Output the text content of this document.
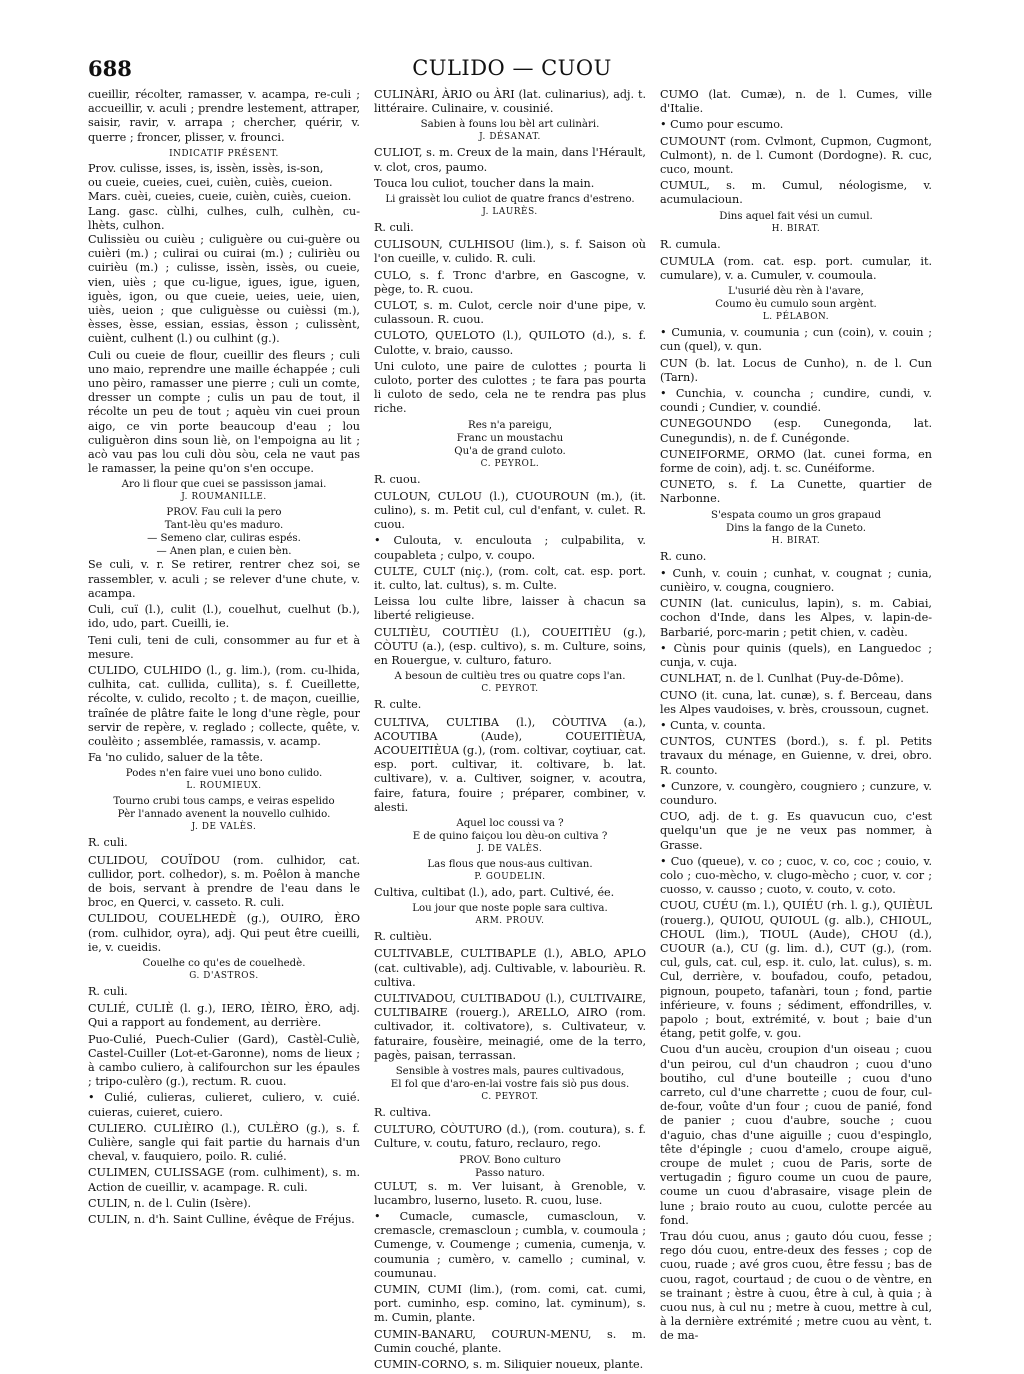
688	CULIDO — CUOU

cueillir, récolter, ramasser, v. acampa, re-culi ; accueillir, v. aculi ; prendre lestement, attraper, saisir, ravir, v. arrapa ; chercher, quérir, v. querre ; froncer, plisser, v. frounci.

INDICATIF PRÉSENT.

Prov. culisse, isses, is, issèn, issès, is-son,

ou cueie, cueies, cuei, cuièn, cuiès, cueion.

Mars. cuèi, cueies, cueie, cuièn, cuiès, cueion.

Lang. gasc. cùlhi, culhes, culh, culhèn, cu-lhèts, culhon.

Culissièu ou cuièu ; culiguère ou cui-guère ou cuièri (m.) ; culirai ou cuirai (m.) ; culirièu ou cuirièu (m.) ; culisse, issèn, issès, ou cueie, vien, uiès ; que cu-ligue, igues, igue, iguen, iguès, igon, ou que cueie, ueies, ueie, uien, uiès, ueion ; que culiguèsse ou cuièssi (m.), èsses, èsse, essian, essias, èsson ; culissènt, cuiènt, culhent (l.) ou culhint (g.).

Culi ou cueie de flour, cueillir des fleurs ; culi uno maio, reprendre une maille échappée ; culi uno pèiro, ramasser une pierre ; culi un comte, dresser un compte ; culis un pau de tout, il récolte un peu de tout ; aquèu vin cuei proun aigo, ce vin porte beaucoup d'eau ; lou culiguèron dins soun liè, on l'empoigna au lit ; acò vau pas lou culi dòu sòu, cela ne vaut pas le ramasser, la peine qu'on s'en occupe.

Aro li flour que cuei se passisson jamai.

J. ROUMANILLE.

PROV. Fau culi la pero

Tant-lèu qu'es maduro.

— Semeno clar, culiras espés.

— Anen plan, e cuien bèn.

Se culi, v. r. Se retirer, rentrer chez soi, se rassembler, v. aculi ; se relever d'une chute, v. acampa.

Culi, cuï (l.), culit (l.), couelhut, cuelhut (b.), ido, udo, part. Cueilli, ie.

Teni culi, teni de culi, consommer au fur et à mesure.

CULIDO, CULHIDO (l., g. lim.), (rom. cu-lhida, culhita, cat. cullida, cullita), s. f. Cueillette, récolte, v. culido, recolto ; t. de maçon, cueillie, traînée de plâtre faite le long d'une règle, pour servir de repère, v. reglado ; collecte, quête, v. coulèito ; assemblée, ramassis, v. acamp.

Fa 'no culido, saluer de la tête.

Podes n'en faire vuei uno bono culido.

L. ROUMIEUX.

Tourno crubi tous camps, e veiras espelido

Pèr l'annado avenent la nouvello culhido.

J. DE VALÈS.

R. culi.

CULIDOU, COUÏDOU (rom. culhidor, cat. cullidor, port. colhedor), s. m. Poêlon à manche de bois, servant à prendre de l'eau dans le broc, en Querci, v. casseto. R. culi.

CULIDOU, COUELHEDÈ (g.), OUIRO, ÈRO (rom. culhidor, oyra), adj. Qui peut être cueilli, ie, v. cueidis.

Couelhe co qu'es de couelhedè.

G. D'ASTROS.

R. culi.

CULIÉ, CULIÈ (l. g.), IERO, IÈIRO, ÈRO, adj. Qui a rapport au fondement, au derrière.

Puo-Culié, Puech-Culier (Gard), Castèl-Culiè, Castel-Cuiller (Lot-et-Garonne), noms de lieux ; à cambo culiero, à califourchon sur les épaules ; tripo-culèro (g.), rectum. R. cuou.

• Culié, culieras, culieret, culiero, v. cuié. cuieras, cuieret, cuiero.

CULIERO. CULIÈIRO (l.), CULÈRO (g.), s. f. Culière, sangle qui fait partie du harnais d'un cheval, v. fauquiero, poilo. R. culié.

CULIMEN, CULISSAGE (rom. culhiment), s. m. Action de cueillir, v. acampage. R. culi.

CULIN, n. de l. Culin (Isère).

CULIN, n. d'h. Saint Culline, évêque de Fréjus.

CULINÀRI, ÀRIO ou ÀRI (lat. culinarius), adj. t. littéraire. Culinaire, v. cousinié.

Sabien à founs lou bèl art culinàri.

J. DÉSANAT.

CULIOT, s. m. Creux de la main, dans l'Hérault, v. clot, cros, paumo.

Touca lou culiot, toucher dans la main.

Li graissèt lou culiot de quatre francs d'estreno.

J. LAURÈS.

R. culi.

CULISOUN, CULHISOU (lim.), s. f. Saison où l'on cueille, v. culido. R. culi.

CULO, s. f. Tronc d'arbre, en Gascogne, v. pège, to. R. cuou.

CULOT, s. m. Culot, cercle noir d'une pipe, v. culassoun. R. cuou.

CULOTO, QUELOTO (l.), QUILOTO (d.), s. f. Culotte, v. braio, causso.

Uni culoto, une paire de culottes ; pourta li culoto, porter des culottes ; te fara pas pourta li culoto de sedo, cela ne te rendra pas plus riche.

Res n'a pareigu,

Franc un moustachu

Qu'a de grand culoto.

C. PEYROL.

R. cuou.

CULOUN, CULOU (l.), CUOUROUN (m.), (it. culino), s. m. Petit cul, cul d'enfant, v. culet. R. cuou.

• Culouta, v. enculouta ; culpabilita, v. coupableta ; culpo, v. coupo.

CULTE, CULT (niç.), (rom. colt, cat. esp. port. it. culto, lat. cultus), s. m. Culte.

Leissa lou culte libre, laisser à chacun sa liberté religieuse.

CULTIÈU, COUTIÈU (l.), COUEITIÈU (g.), CÒUTU (a.), (esp. cultivo), s. m. Culture, soins, en Rouergue, v. culturo, faturo.

A besoun de cultièu tres ou quatre cops l'an.

C. PEYROT.

R. culte.

CULTIVA, CULTIBA (l.), CÒUTIVA (a.), ACOUTIBA (Aude), COUEITIÈUA, ACOUEITIÈUA (g.), (rom. coltivar, coytiuar, cat. esp. port. cultivar, it. coltivare, b. lat. cultivare), v. a. Cultiver, soigner, v. acoutra, faire, fatura, fouire ; préparer, combiner, v. alesti.

Aquel loc coussi va ?

E de quino faiçou lou dèu-on cultiva ?

J. DE VALÈS.

Las flous que nous-aus cultivan.

P. GOUDELIN.

Cultiva, cultibat (l.), ado, part. Cultivé, ée.

Lou jour que noste pople sara cultiva.

ARM. PROUV.

R. cultièu.

CULTIVABLE, CULTIBAPLE (l.), ABLO, APLO (cat. cultivable), adj. Cultivable, v. labourièu. R. cultiva.

CULTIVADOU, CULTIBADOU (l.), CULTIVAIRE, CULTIBAIRE (rouerg.), ARELLO, AIRO (rom. cultivador, it. coltivatore), s. Cultivateur, v. faturaire, fousèire, meinagié, ome de la terro, pagès, paisan, terrassan.

Sensible à vostres mals, paures cultivadous,

El fol que d'aro-en-lai vostre fais siò pus dous.

C. PEYROT.

R. cultiva.

CULTURO, CÒUTURO (d.), (rom. coutura), s. f. Culture, v. coutu, faturo, reclauro, rego.

PROV. Bono culturo

Passo naturo.

CULUT, s. m. Ver luisant, à Grenoble, v. lucambro, luserno, luseto. R. cuou, luse.

• Cumacle, cumascle, cumascloun, v. cremascle, cremascloun ; cumbla, v. coumoula ; Cumenge, v. Coumenge ; cumenia, cumenja, v. coumunia ; cumèro, v. camello ; cuminal, v. coumunau.

CUMIN, CUMI (lim.), (rom. comi, cat. cumi, port. cuminho, esp. comino, lat. cyminum), s. m. Cumin, plante.

CUMIN-BANARU, COURUN-MENU, s. m. Cumin couché, plante.

CUMIN-CORNO, s. m. Siliquier noueux, plante.

CUMO (lat. Cumæ), n. de l. Cumes, ville d'Italie.

• Cumo pour escumo.

CUMOUNT (rom. Cvlmont, Cupmon, Cugmont, Culmont), n. de l. Cumont (Dordogne). R. cuc, cuco, mount.

CUMUL, s. m. Cumul, néologisme, v. acumulacioun.

Dins aquel fait vési un cumul.

H. BIRAT.

R. cumula.

CUMULA (rom. cat. esp. port. cumular, it. cumulare), v. a. Cumuler, v. coumoula.

L'usurié dèu rèn à l'avare,

Coumo èu cumulo soun argènt.

L. PÉLABON.

• Cumunia, v. coumunia ; cun (coin), v. couin ; cun (quel), v. qun.

CUN (b. lat. Locus de Cunho), n. de l. Cun (Tarn).

• Cunchia, v. counchа ; cundire, cundi, v. coundi ; Cundier, v. coundié.

CUNEGOUNDO (esp. Cunegonda, lat. Cunegundis), n. de f. Cunégonde.

CUNEIFORME, ORMO (lat. cunei forma, en forme de coin), adj. t. sc. Cunéiforme.

CUNETO, s. f. La Cunette, quartier de Narbonne.

S'espata coumo un gros grapaud

Dins la fango de la Cuneto.

H. BIRAT.

R. cuno.

• Cunh, v. couin ; cunhat, v. cougnat ; cunia, cunièiro, v. cougna, cougniero.

CUNIN (lat. cuniculus, lapin), s. m. Cabiai, cochon d'Inde, dans les Alpes, v. lapin-de-Barbarié, porc-marin ; petit chien, v. cadèu.

• Cùnis pour quinis (quels), en Languedoc ; cunja, v. cuja.

CUNLHAT, n. de l. Cunlhat (Puy-de-Dôme).

CUNO (it. cuna, lat. cunæ), s. f. Berceau, dans les Alpes vaudoises, v. brès, croussoun, cugnet.

• Cunta, v. counta.

CUNTOS, CUNTES (bord.), s. f. pl. Petits travaux du ménage, en Guienne, v. drei, obro. R. counto.

• Cunzore, v. coungèro, cougniero ; cunzure, v. counduro.

CUO, adj. de t. g. Es quavucun cuo, c'est quelqu'un que je ne veux pas nommer, à Grasse.

• Cuo (queue), v. co ; cuoc, v. co, coc ; couio, v. colo ; cuo-mècho, v. clugo-mècho ; cuor, v. cor ; cuosso, v. causso ; cuoto, v. couto, v. coto.

CUOU, CUÉU (m. l.), QUIÉU (rh. l. g.), QUIÈUL (rouerg.), QUIOU, QUIOUL (g. alb.), CHIOUL, CHOUL (lim.), TIOUL (Aude), CHOU (d.), CUOUR (a.), CU (g. lim. d.), CUT (g.), (rom. cul, guls, cat. cul, esp. it. culo, lat. culus), s. m. Cul, derrière, v. boufadou, coufo, petadou, pignoun, poupeto, tafanàri, toun ; fond, partie inférieure, v. founs ; sédiment, effondrilles, v. papolo ; bout, extrémité, v. bout ; baie d'un étang, petit golfe, v. gou.

Cuou d'un aucèu, croupion d'un oiseau ; cuou d'un peirou, cul d'un chaudron ; cuou d'uno boutiho, cul d'une bouteille ; cuou d'uno carreto, cul d'une charrette ; cuou de four, cul-de-four, voûte d'un four ; cuou de panié, fond de panier ; cuou d'aubre, souche ; cuou d'aguio, chas d'une aiguille ; cuou d'espinglo, tête d'épingle ; cuou d'amelo, croupe aiguë, croupe de mulet ; cuou de Paris, sorte de vertugadin ; figuro coume un cuou de paure, coume un cuou d'abrasaire, visage plein de lune ; braio routo au cuou, culotte percée au fond.

Trau dóu cuou, anus ; gauto dóu cuou, fesse ; rego dóu cuou, entre-deux des fesses ; cop de cuou, ruade ; avé gros cuou, être fessu ; bas de cuou, ragot, courtaud ; de cuou o de vèntre, en se trainant ; èstre à cuou, être à cul, à quia ; à cuou nus, à cul nu ; metre à cuou, mettre à cul, à la dernière extrémité ; metre cuou au vènt, t. de ma-
